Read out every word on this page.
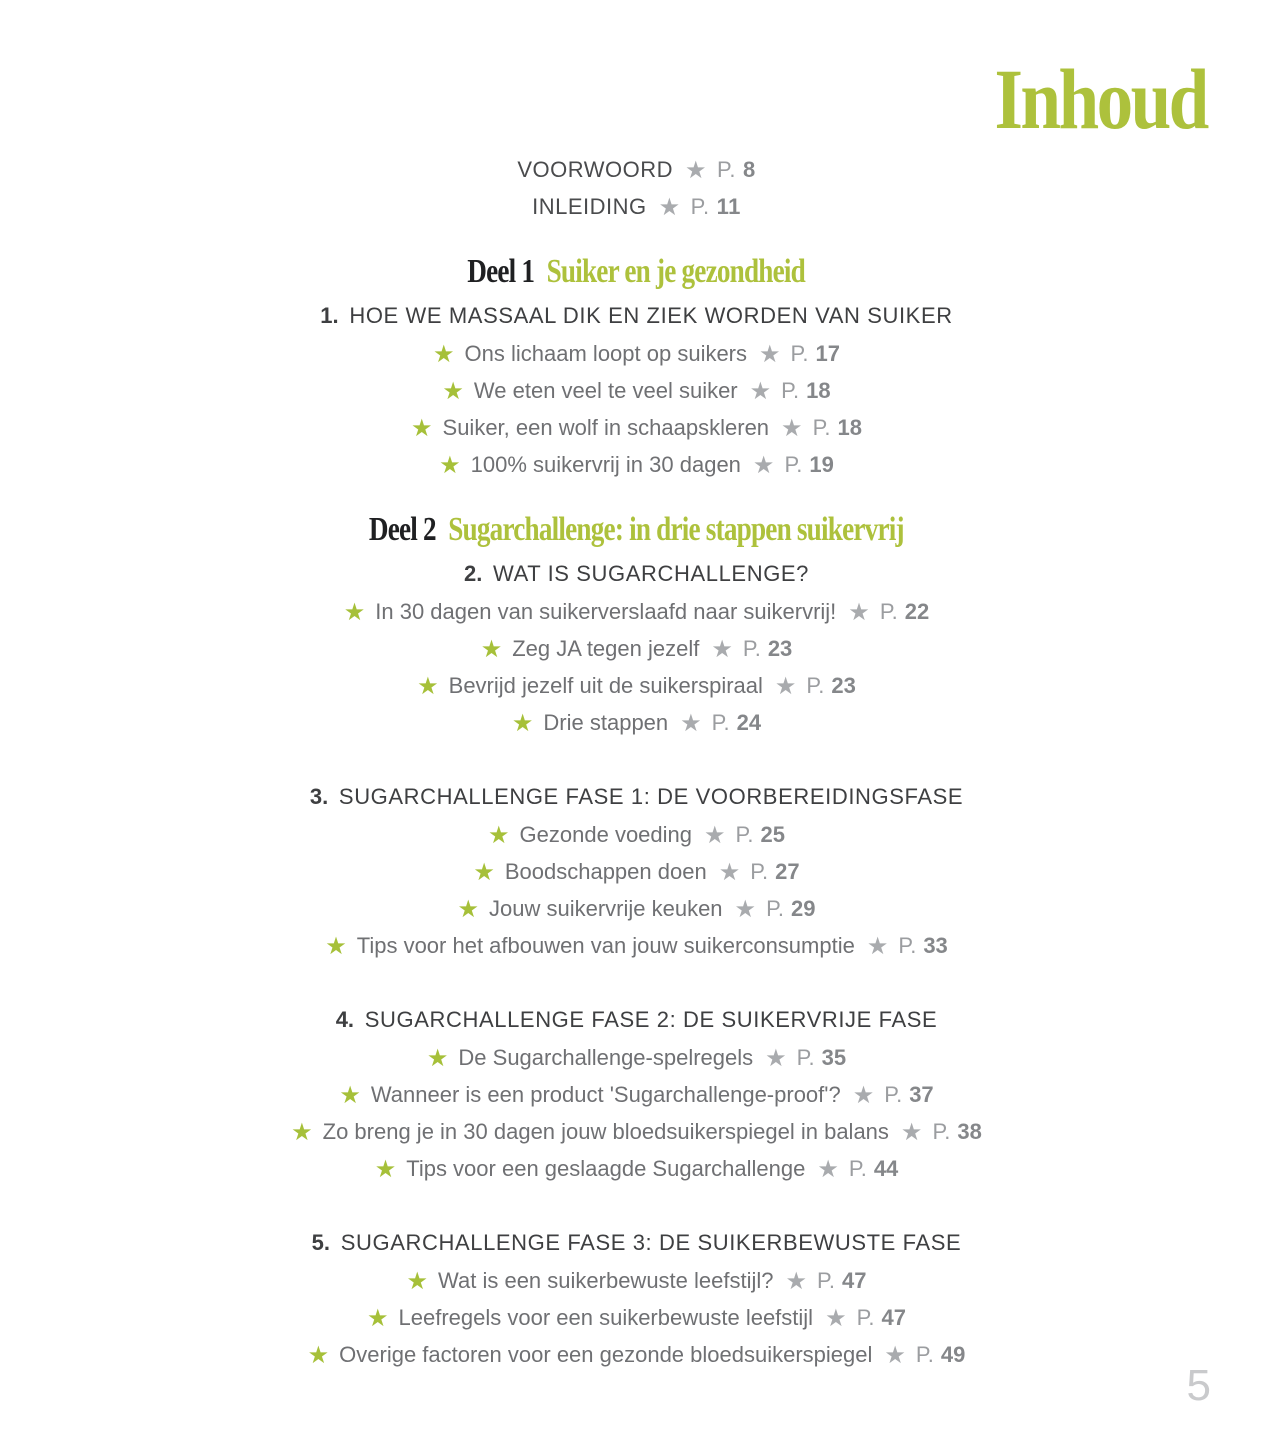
Inhoud
VOORWOORD ★ P. 8
INLEIDING ★ P. 11
Deel 1 Suiker en je gezondheid
1. HOE WE MASSAAL DIK EN ZIEK WORDEN VAN SUIKER
★ Ons lichaam loopt op suikers ★ P. 17
★ We eten veel te veel suiker ★ P. 18
★ Suiker, een wolf in schaapskleren ★ P. 18
★ 100% suikervrij in 30 dagen ★ P. 19
Deel 2 Sugarchallenge: in drie stappen suikervrij
2. WAT IS SUGARCHALLENGE?
★ In 30 dagen van suikerverslaafd naar suikervrij! ★ P. 22
★ Zeg JA tegen jezelf ★ P. 23
★ Bevrijd jezelf uit de suikerspiraal ★ P. 23
★ Drie stappen ★ P. 24
3. SUGARCHALLENGE FASE 1: DE VOORBEREIDINGSFASE
★ Gezonde voeding ★ P. 25
★ Boodschappen doen ★ P. 27
★ Jouw suikervrije keuken ★ P. 29
★ Tips voor het afbouwen van jouw suikerconsumptie ★ P. 33
4. SUGARCHALLENGE FASE 2: DE SUIKERVRIJE FASE
★ De Sugarchallenge-spelregels ★ P. 35
★ Wanneer is een product 'Sugarchallenge-proof'? ★ P. 37
★ Zo breng je in 30 dagen jouw bloedsuikerspiegel in balans ★ P. 38
★ Tips voor een geslaagde Sugarchallenge ★ P. 44
5. SUGARCHALLENGE FASE 3: DE SUIKERBEWUSTE FASE
★ Wat is een suikerbewuste leefstijl? ★ P. 47
★ Leefregels voor een suikerbewuste leefstijl ★ P. 47
★ Overige factoren voor een gezonde bloedsuikerspiegel ★ P. 49
5
